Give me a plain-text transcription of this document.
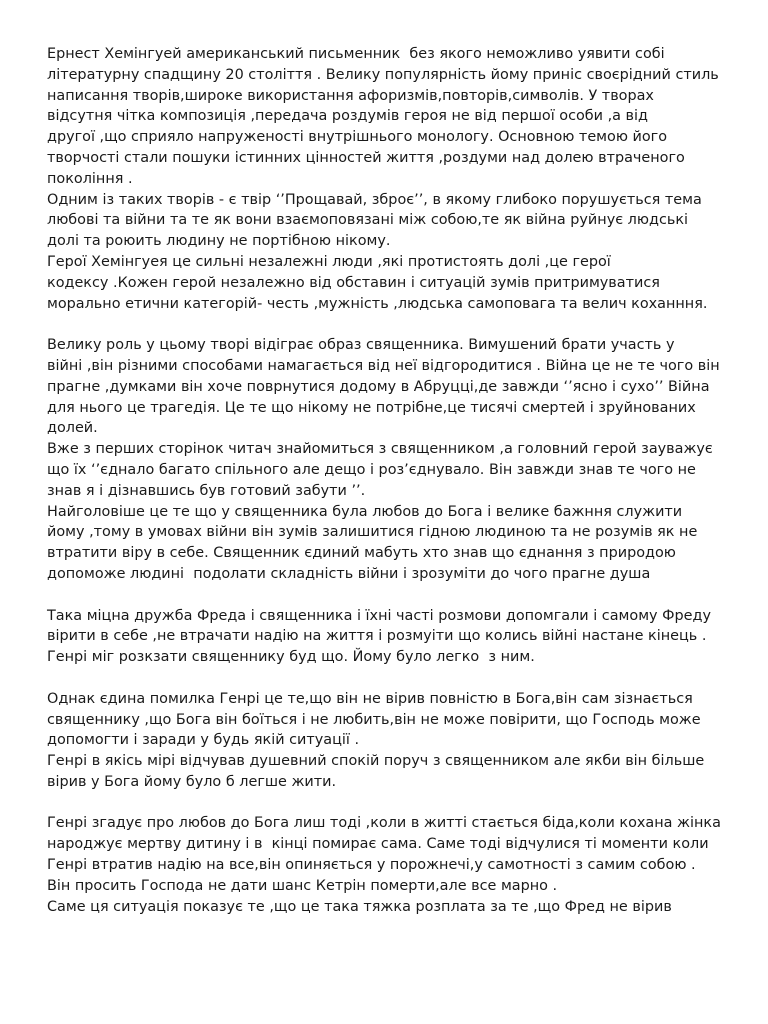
Ернест Хемінгуей американський письменник  без якого неможливо уявити собі
літературну спадщину 20 століття . Велику популярність йому приніс своєрідний стиль
написання творів,широке використання афоризмів,повторів,символів. У творах
відсутня чітка композиція ,передача роздумів героя не від першої особи ,а від
другої ,що сприяло напруженості внутрішнього монологу. Основною темою його
творчості стали пошуки істинних цінностей життя ,роздуми над долею втраченого
покоління .
Одним із таких творів - є твір ‘’Прощавай, зброє’’, в якому глибоко порушується тема
любові та війни та те як вони взаємоповязані між собою,те як війна руйнує людські
долі та роюить людину не портібною нікому.
Герої Хемінгуея це сильні незалежні люди ,які протистоять долі ,це герої
кодексу .Кожен герой незалежно від обставин і ситуацій зумів притримуватися
морально етични категорій- честь ,мужність ,людська самоповага та велич коханння.
Велику роль у цьому творі відіграє образ священника. Вимушений брати участь у
війні ,він різними способами намагається від неї відгородитися . Війна це не те чого він
прагне ,думками він хоче поврнутися додому в Абруцці,де завжди ‘’ясно і сухо’’ Війна
для нього це трагедія. Це те що нікому не потрібне,це тисячі смертей і зруйнованих
долей.
Вже з перших сторінок читач знайомиться з священником ,а головний герой зауважує
що їх ‘’єднало багато спільного але дещо і роз’єднувало. Він завжди знав те чого не
знав я і дізнавшись був готовий забути ’’.
Найголовіше це те що у священника була любов до Бога і велике бажння служити
йому ,тому в умовах війни він зумів залишитися гідною людиною та не розумів як не
втратити віру в себе. Священник єдиний мабуть хто знав що єднання з природою
допоможе людині  подолати складність війни і зрозуміти до чого прагне душа
Така міцна дружба Фреда і священника і їхні часті розмови допомгали і самому Фреду
вірити в себе ,не втрачати надію на життя і розмуіти що колись війні настане кінець .
Генрі міг розкзати священнику буд що. Йому було легко  з ним.
Однак єдина помилка Генрі це те,що він не вірив повністю в Бога,він сам зізнається
священнику ,що Бога він боїться і не любить,він не може повірити, що Господь може
допомогти і заради у будь якій ситуації .
Генрі в якісь мірі відчував душевний спокій поруч з священником але якби він більше
вірив у Бога йому було б легше жити.
Генрі згадує про любов до Бога лиш тоді ,коли в житті стається біда,коли кохана жінка
народжує мертву дитину і в  кінці помирає сама. Саме тоді відчулися ті моменти коли
Генрі втратив надію на все,він опиняється у порожнечі,у самотності з самим собою .
Він просить Господа не дати шанс Кетрін померти,але все марно .
Саме ця ситуація показує те ,що це така тяжка розплата за те ,що Фред не вірив
